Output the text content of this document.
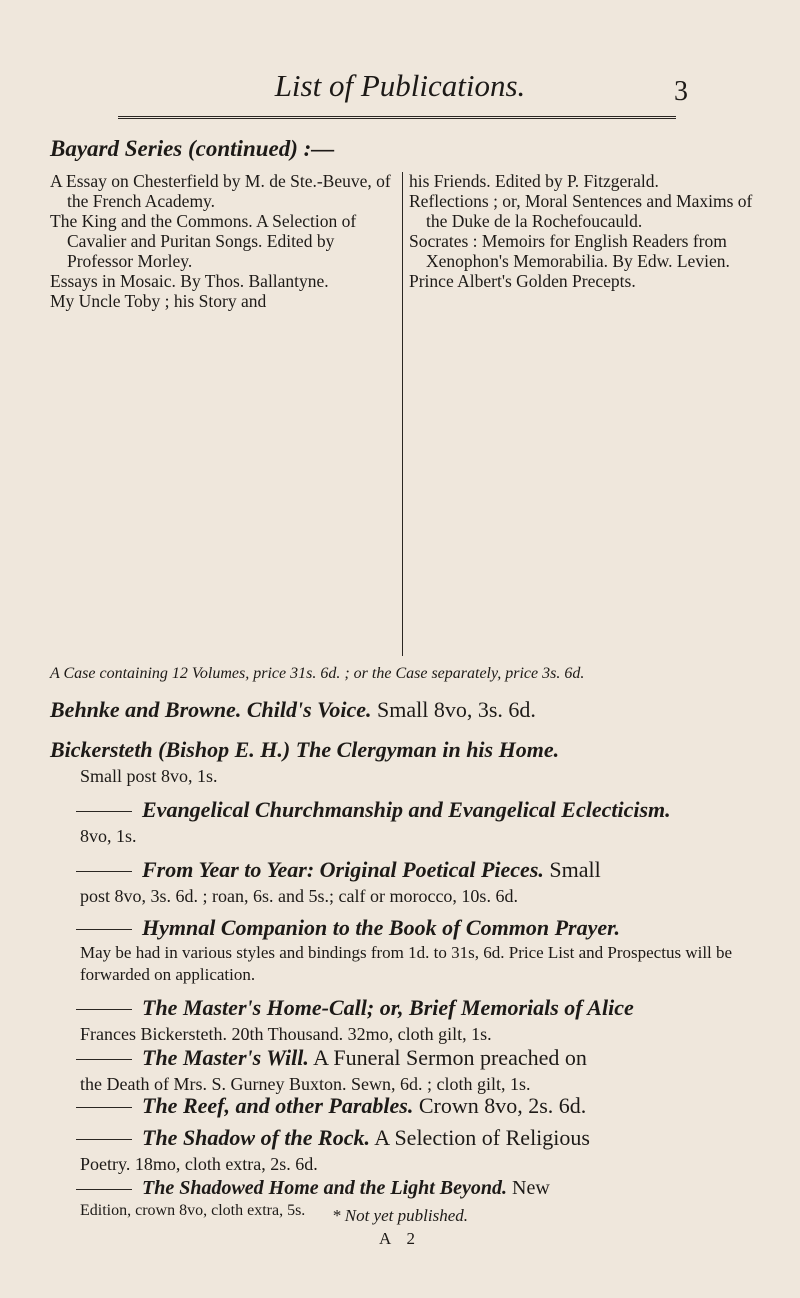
List of Publications.	3
Bayard Series (continued) :—

A Essay on Chesterfield by M. de Ste.-Beuve, of the French Academy.

The King and the Commons. A Selection of Cavalier and Puritan Songs. Edited by Professor Morley.

Essays in Mosaic. By Thos. Ballantyne.

My Uncle Toby ; his Story and

his Friends. Edited by P. Fitzgerald.

Reflections ; or, Moral Sentences and Maxims of the Duke de la Rochefoucauld.

Socrates : Memoirs for English Readers from Xenophon's Memorabilia. By Edw. Levien.

Prince Albert's Golden Precepts.

A Case containing 12 Volumes, price 31s. 6d. ; or the Case separately, price 3s. 6d.
Behnke and Browne. Child's Voice. Small 8vo, 3s. 6d.
Bickersteth (Bishop E. H.) The Clergyman in his Home.
Small post 8vo, 1s.
Evangelical Churchmanship and Evangelical Eclecticism.
8vo, 1s.
From Year to Year: Original Poetical Pieces. Small
post 8vo, 3s. 6d. ; roan, 6s. and 5s.; calf or morocco, 10s. 6d.
Hymnal Companion to the Book of Common Prayer.
May be had in various styles and bindings from 1d. to 31s, 6d. Price List and Prospectus will be forwarded on application.
The Master's Home-Call; or, Brief Memorials of Alice
Frances Bickersteth. 20th Thousand. 32mo, cloth gilt, 1s.
The Master's Will. A Funeral Sermon preached on
the Death of Mrs. S. Gurney Buxton. Sewn, 6d. ; cloth gilt, 1s.
The Reef, and other Parables. Crown 8vo, 2s. 6d.
The Shadow of the Rock. A Selection of Religious
Poetry. 18mo, cloth extra, 2s. 6d.
The Shadowed Home and the Light Beyond. New
Edition, crown 8vo, cloth extra, 5s.	* Not yet published.
A 2
